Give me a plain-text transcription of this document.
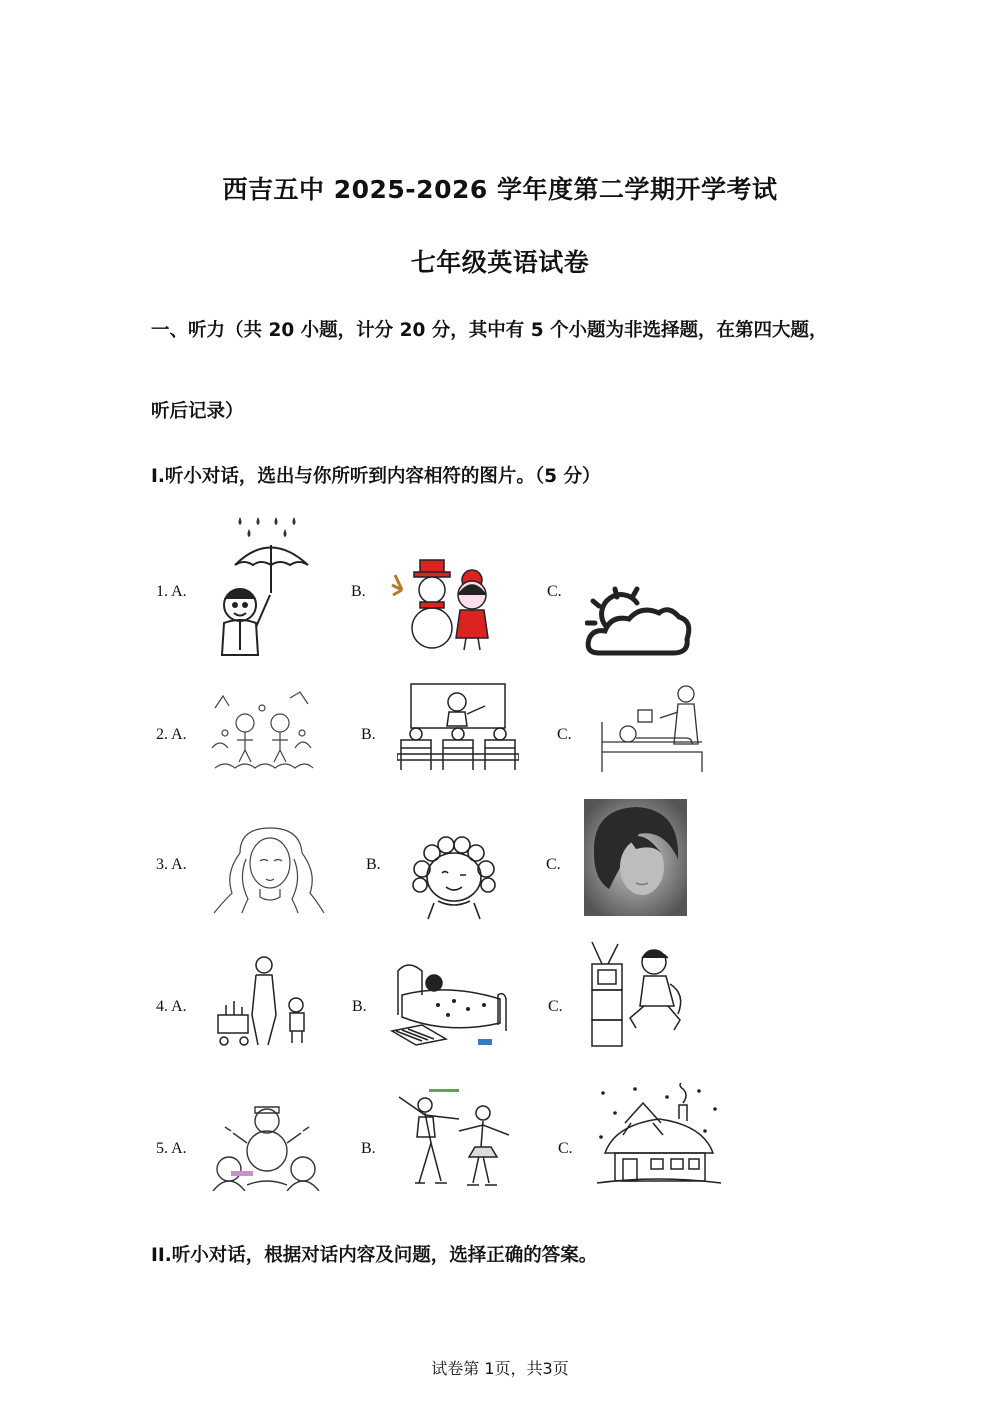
西吉五中 2025-2026 学年度第二学期开学考试
七年级英语试卷
一、听力（共 20 小题，计分 20 分，其中有 5 个小题为非选择题，在第四大题，
听后记录）
I.听小对话，选出与你所听到内容相符的图片。（5 分）
1. A.	B.	C.
2. A.	B.	C.
3. A.	B.	C.
4. A.	B.	C.
5. A.	B.	C.
II.听小对话，根据对话内容及问题，选择正确的答案。
试卷第 1页，共3页
